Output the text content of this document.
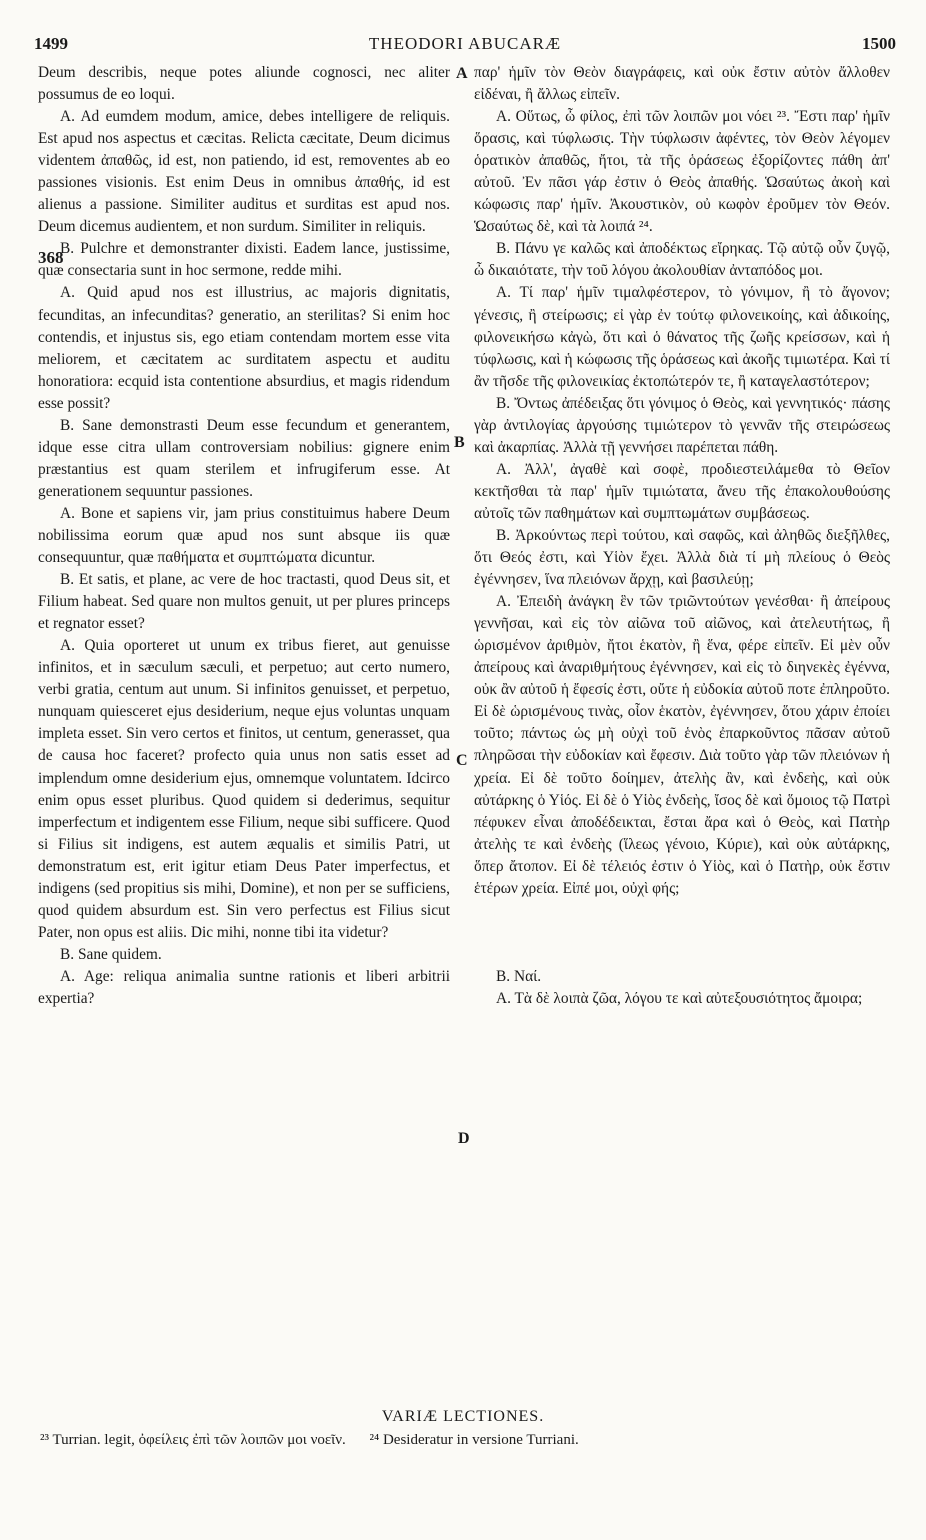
1499	THEODORI ABUCARÆ	1500

Deum describis, neque potes aliunde cognosci, nec aliter possumus de eo loqui.

A. Ad eumdem modum, amice, debes intelligere de reliquis. Est apud nos aspectus et cæcitas. Relicta cæcitate, Deum dicimus videntem ἀπαθῶς, id est, non patiendo, id est, removentes ab eo passiones visionis. Est enim Deus in omnibus ἀπαθής, id est alienus a passione. Similiter auditus et surditas est apud nos. Deum dicemus audientem, et non surdum. Similiter in reliquis.

B. Pulchre et demonstranter dixisti. Eadem lance, justissime, quæ consectaria sunt in hoc sermone, redde mihi.

A. Quid apud nos est illustrius, ac majoris dignitatis, fecunditas, an infecunditas? generatio, an sterilitas? Si enim hoc contendis, et injustus sis, ego etiam contendam mortem esse vita meliorem, et cæcitatem ac surditatem aspectu et auditu honoratiora: ecquid ista contentione absurdius, et magis ridendum esse possit?

B. Sane demonstrasti Deum esse fecundum et generantem, idque esse citra ullam controversiam nobilius: gignere enim præstantius est quam sterilem et infrugiferum esse. At generationem sequuntur passiones.

A. Bone et sapiens vir, jam prius constituimus habere Deum nobilissima eorum quæ apud nos sunt absque iis quæ consequuntur, quæ παθήματα et συμπτώματα dicuntur.

B. Et satis, et plane, ac vere de hoc tractasti, quod Deus sit, et Filium habeat. Sed quare non multos genuit, ut per plures princeps et regnator esset?

A. Quia oporteret ut unum ex tribus fieret, aut genuisse infinitos, et in sæculum sæculi, et perpetuo; aut certo numero, verbi gratia, centum aut unum. Si infinitos genuisset, et perpetuo, nunquam quiesceret ejus desiderium, neque ejus voluntas unquam impleta esset. Sin vero certos et finitos, ut centum, generasset, qua de causa hoc faceret? profecto quia unus non satis esset ad implendum omne desiderium ejus, omnemque voluntatem. Idcirco enim opus esset pluribus. Quod quidem si dederimus, sequitur imperfectum et indigentem esse Filium, neque sibi sufficere. Quod si Filius sit indigens, est autem æqualis et similis Patri, ut demonstratum est, erit igitur etiam Deus Pater imperfectus, et indigens (sed propitius sis mihi, Domine), et non per se sufficiens, quod quidem absurdum est. Sin vero perfectus est Filius sicut Pater, non opus est aliis. Dic mihi, nonne tibi ita videtur?

B. Sane quidem.

A. Age: reliqua animalia suntne rationis et liberi arbitrii expertia?

παρ' ἡμῖν τὸν Θεὸν διαγράφεις, καὶ οὐκ ἔστιν αὐτὸν ἄλλοθεν εἰδέναι, ἢ ἄλλως εἰπεῖν.

Α. Οὕτως, ὦ φίλος, ἐπὶ τῶν λοιπῶν μοι νόει ²³. Ἔστι παρ' ἡμῖν ὅρασις, καὶ τύφλωσις. Τὴν τύφλωσιν ἀφέντες, τὸν Θεὸν λέγομεν ὁρατικὸν ἀπαθῶς, ἤτοι, τὰ τῆς ὁράσεως ἐξορίζοντες πάθη ἀπ' αὐτοῦ. Ἐν πᾶσι γάρ ἐστιν ὁ Θεὸς ἀπαθής. Ὡσαύτως ἀκοὴ καὶ κώφωσις παρ' ἡμῖν. Ἀκουστικὸν, οὐ κωφὸν ἐροῦμεν τὸν Θεόν. Ὡσαύτως δὲ, καὶ τὰ λοιπά ²⁴.

Β. Πάνυ γε καλῶς καὶ ἀποδέκτως εἴρηκας. Τῷ αὐτῷ οὖν ζυγῷ, ὦ δικαιότατε, τὴν τοῦ λόγου ἀκολουθίαν ἀνταπόδος μοι.

Α. Τί παρ' ἡμῖν τιμαλφέστερον, τὸ γόνιμον, ἢ τὸ ἄγονον; γένεσις, ἢ στείρωσις; εἰ γὰρ ἐν τούτῳ φιλονεικοίης, καὶ ἀδικοίης, φιλονεικήσω κἀγὼ, ὅτι καὶ ὁ θάνατος τῆς ζωῆς κρείσσων, καὶ ἡ τύφλωσις, καὶ ἡ κώφωσις τῆς ὁράσεως καὶ ἀκοῆς τιμιωτέρα. Καὶ τί ἂν τῆσδε τῆς φιλονεικίας ἐκτοπώτερόν τε, ἢ καταγελαστότερον;

Β. Ὄντως ἀπέδειξας ὅτι γόνιμος ὁ Θεὸς, καὶ γεννητικός· πάσης γὰρ ἀντιλογίας ἀργούσης τιμιώτερον τὸ γεννᾶν τῆς στειρώσεως καὶ ἀκαρπίας. Ἀλλὰ τῇ γεννήσει παρέπεται πάθη.

Α. Ἀλλ', ἀγαθὲ καὶ σοφὲ, προδιεστειλάμεθα τὸ Θεῖον κεκτῆσθαι τὰ παρ' ἡμῖν τιμιώτατα, ἄνευ τῆς ἐπακολουθούσης αὐτοῖς τῶν παθημάτων καὶ συμπτωμάτων συμβάσεως.

Β. Ἀρκούντως περὶ τούτου, καὶ σαφῶς, καὶ ἀληθῶς διεξῆλθες, ὅτι Θεός ἐστι, καὶ Υἱὸν ἔχει. Ἀλλὰ διὰ τί μὴ πλείους ὁ Θεὸς ἐγέννησεν, ἵνα πλειόνων ἄρχῃ, καὶ βασιλεύῃ;

Α. Ἐπειδὴ ἀνάγκη ἓν τῶν τριῶντούτων γενέσθαι· ἢ ἀπείρους γεννῆσαι, καὶ εἰς τὸν αἰῶνα τοῦ αἰῶνος, καὶ ἀτελευτήτως, ἢ ὡρισμένον ἀριθμὸν, ἤτοι ἑκατὸν, ἢ ἕνα, φέρε εἰπεῖν. Εἰ μὲν οὖν ἀπείρους καὶ ἀναριθμήτους ἐγέννησεν, καὶ εἰς τὸ διηνεκὲς ἐγέννα, οὐκ ἂν αὐτοῦ ἡ ἔφεσίς ἐστι, οὔτε ἡ εὐδοκία αὐτοῦ ποτε ἐπληροῦτο. Εἰ δὲ ὡρισμένους τινὰς, οἷον ἑκατὸν, ἐγέννησεν, ὅτου χάριν ἐποίει τοῦτο; πάντως ὡς μὴ οὐχὶ τοῦ ἑνὸς ἐπαρκοῦντος πᾶσαν αὐτοῦ πληρῶσαι τὴν εὐδοκίαν καὶ ἔφεσιν. Διὰ τοῦτο γὰρ τῶν πλειόνων ἡ χρεία. Εἰ δὲ τοῦτο δοίημεν, ἀτελὴς ἂν, καὶ ἐνδεὴς, καὶ οὐκ αὐτάρκης ὁ Υἱός. Εἰ δὲ ὁ Υἱὸς ἐνδεὴς, ἴσος δὲ καὶ ὅμοιος τῷ Πατρὶ πέφυκεν εἶναι ἀποδέδεικται, ἔσται ἄρα καὶ ὁ Θεὸς, καὶ Πατὴρ ἀτελὴς τε καὶ ἐνδεὴς (ἵλεως γένοιο, Κύριε), καὶ οὐκ αὐτάρκης, ὅπερ ἄτοπον. Εἰ δὲ τέλειός ἐστιν ὁ Υἱὸς, καὶ ὁ Πατὴρ, οὐκ ἔστιν ἑτέρων χρεία. Εἰπέ μοι, οὐχὶ φής;

Β. Ναί.

Α. Τὰ δὲ λοιπὰ ζῶα, λόγου τε καὶ αὐτεξουσιότητος ἄμοιρα;

A
B
C
D
368
VARIÆ LECTIONES.
²³ Turrian. legit, ὀφείλεις ἐπὶ τῶν λοιπῶν μοι νοεῖν. ²⁴ Desideratur in versione Turriani.
